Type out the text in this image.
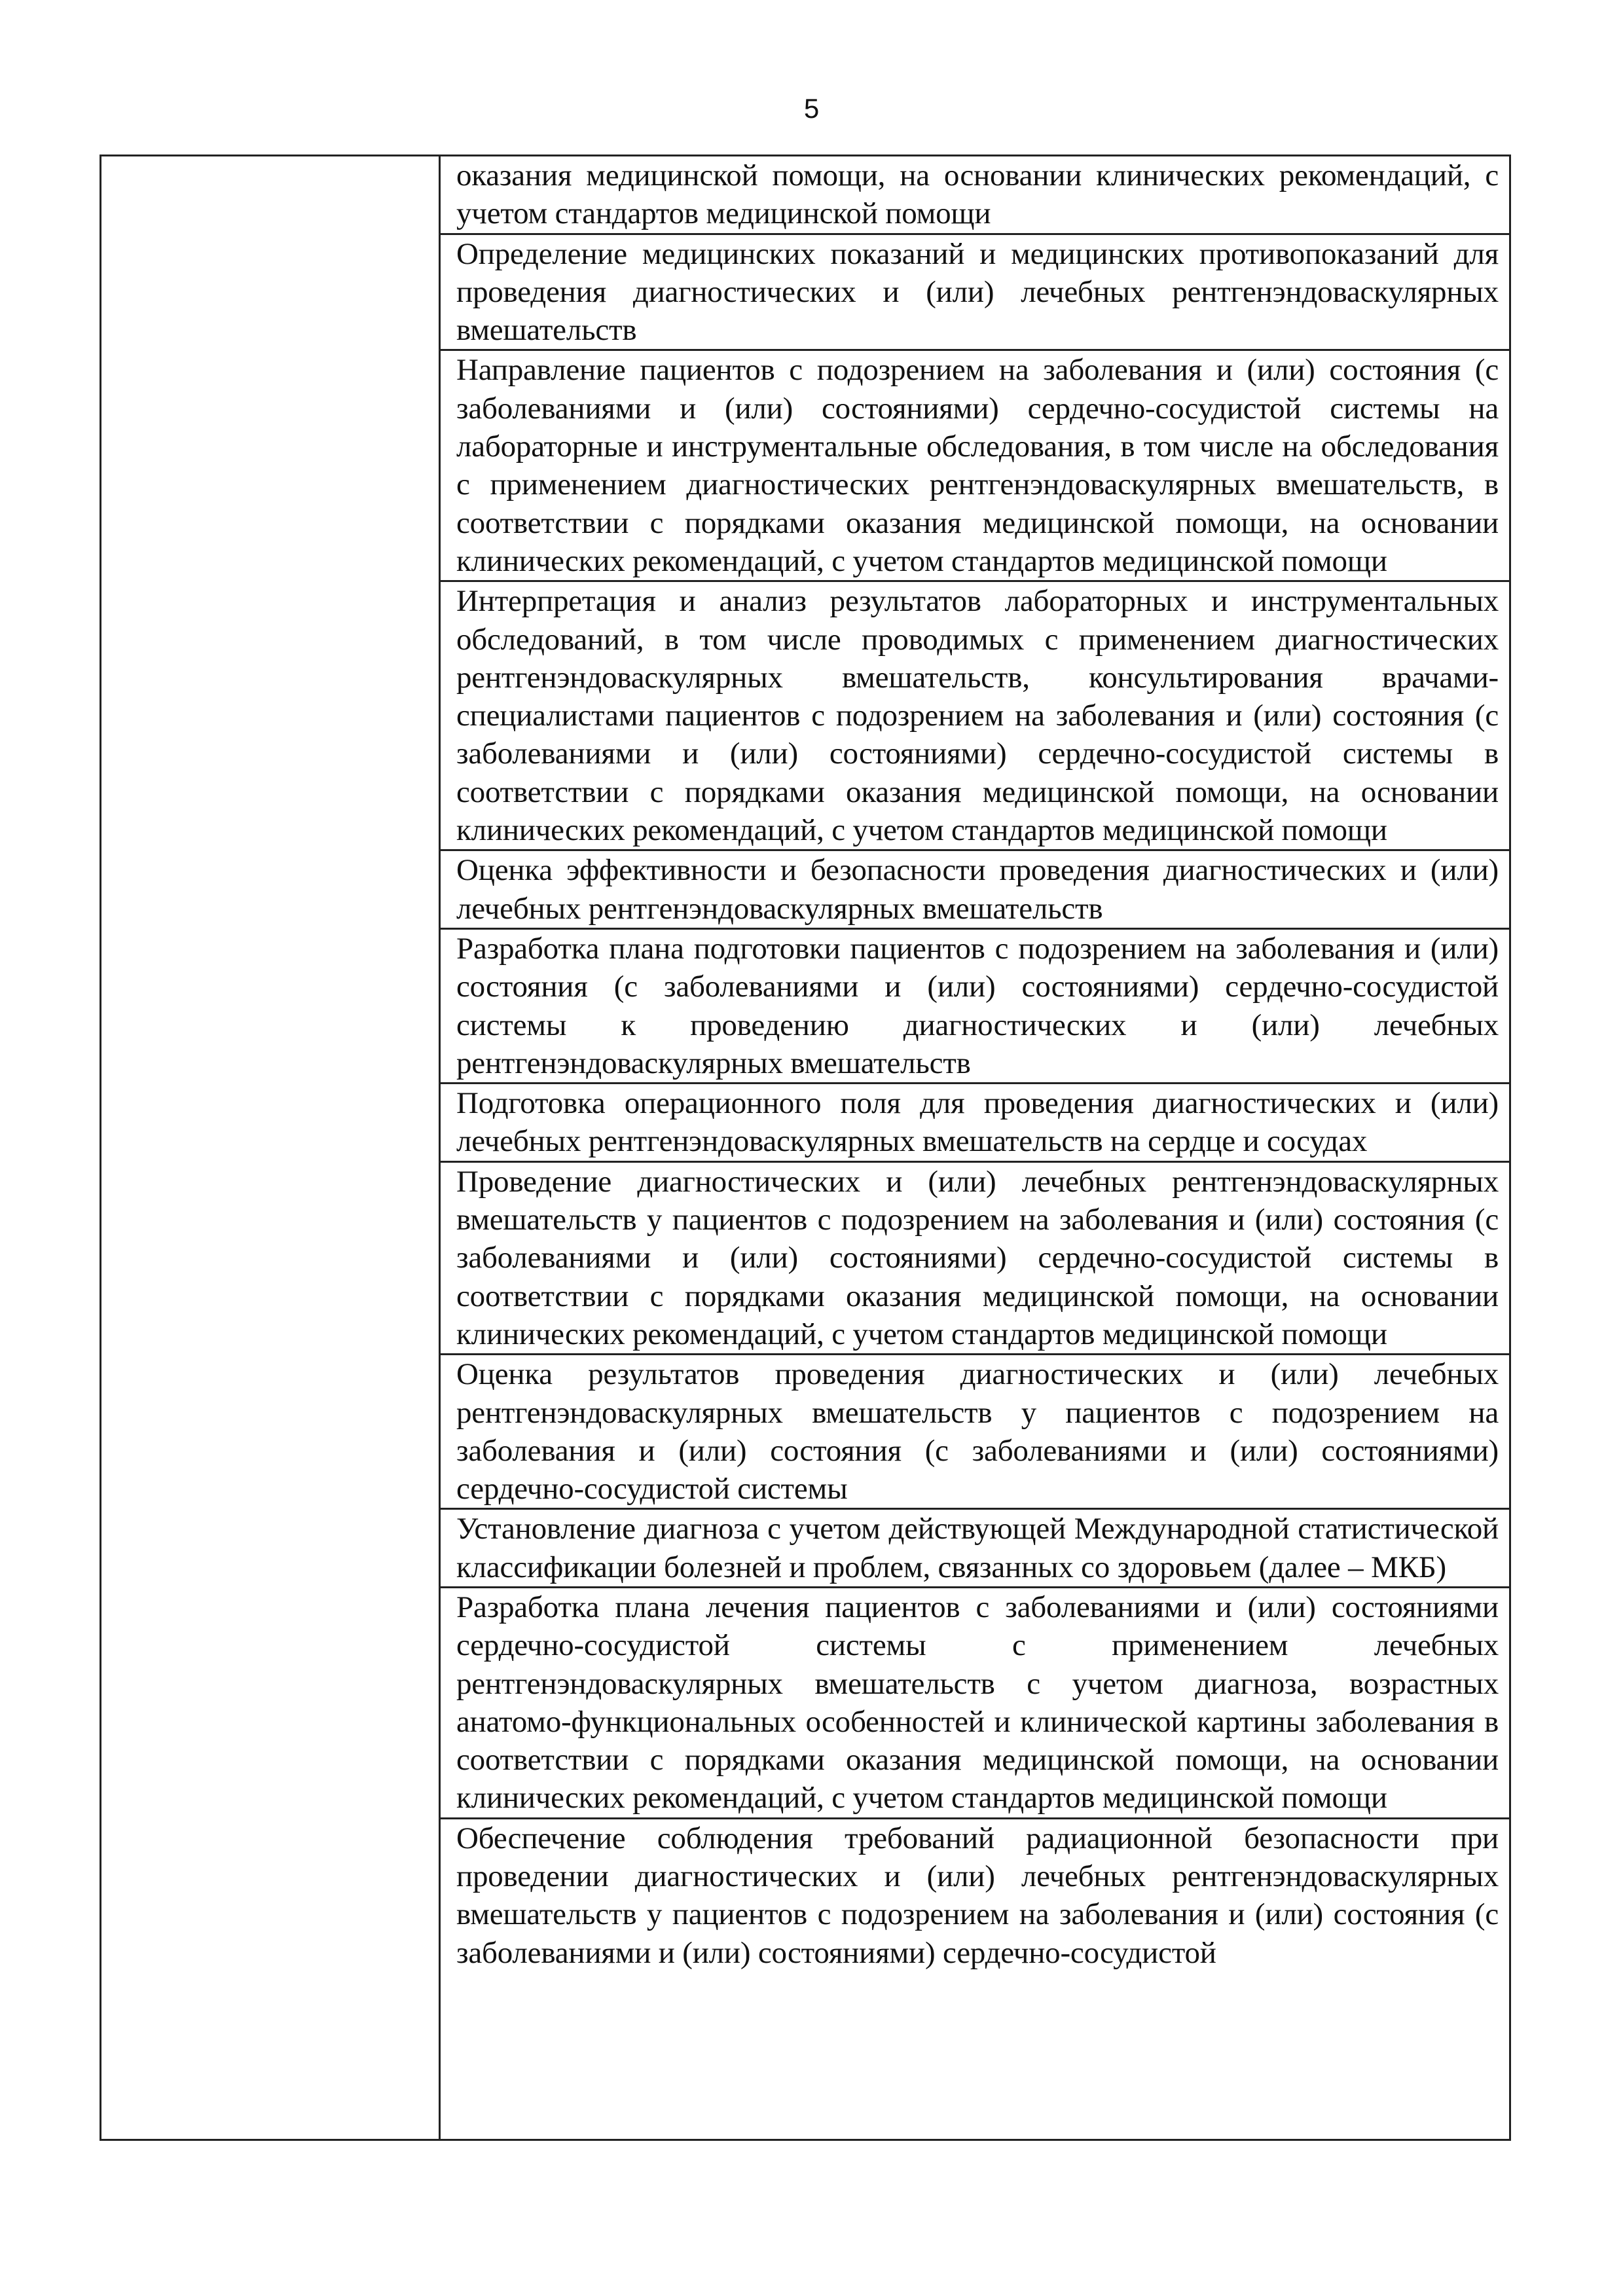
5

оказания медицинской помощи, на основании клинических рекомендаций, с учетом стандартов медицинской помощи

Определение медицинских показаний и медицинских противопоказаний для проведения диагностических и (или) лечебных рентгенэндоваскулярных вмешательств

Направление пациентов с подозрением на заболевания и (или) состояния (с заболеваниями и (или) состояниями) сердечно-сосудистой системы на лабораторные и инструментальные обследования, в том числе на обследования с применением диагностических рентгенэндоваскулярных вмешательств, в соответствии с порядками оказания медицинской помощи, на основании клинических рекомендаций, с учетом стандартов медицинской помощи

Интерпретация и анализ результатов лабораторных и инструментальных обследований, в том числе проводимых с применением диагностических рентгенэндоваскулярных вмешательств, консультирования врачами-специалистами пациентов с подозрением на заболевания и (или) состояния (с заболеваниями и (или) состояниями) сердечно-сосудистой системы в соответствии с порядками оказания медицинской помощи, на основании клинических рекомендаций, с учетом стандартов медицинской помощи

Оценка эффективности и безопасности проведения диагностических и (или) лечебных рентгенэндоваскулярных вмешательств

Разработка плана подготовки пациентов с подозрением на заболевания и (или) состояния (с заболеваниями и (или) состояниями) сердечно-сосудистой системы к проведению диагностических и (или) лечебных рентгенэндоваскулярных вмешательств

Подготовка операционного поля для проведения диагностических и (или) лечебных рентгенэндоваскулярных вмешательств на сердце и сосудах

Проведение диагностических и (или) лечебных рентгенэндоваскулярных вмешательств у пациентов с подозрением на заболевания и (или) состояния (с заболеваниями и (или) состояниями) сердечно-сосудистой системы в соответствии с порядками оказания медицинской помощи, на основании клинических рекомендаций, с учетом стандартов медицинской помощи

Оценка результатов проведения диагностических и (или) лечебных рентгенэндоваскулярных вмешательств у пациентов с подозрением на заболевания и (или) состояния (с заболеваниями и (или) состояниями) сердечно-сосудистой системы

Установление диагноза с учетом действующей Международной статистической классификации болезней и проблем, связанных со здоровьем (далее – МКБ)

Разработка плана лечения пациентов с заболеваниями и (или) состояниями сердечно-сосудистой системы с применением лечебных рентгенэндоваскулярных вмешательств с учетом диагноза, возрастных анатомо-функциональных особенностей и клинической картины заболевания в соответствии с порядками оказания медицинской помощи, на основании клинических рекомендаций, с учетом стандартов медицинской помощи

Обеспечение соблюдения требований радиационной безопасности при проведении диагностических и (или) лечебных рентгенэндоваскулярных вмешательств у пациентов с подозрением на заболевания и (или) состояния (с заболеваниями и (или) состояниями) сердечно-сосудистой
